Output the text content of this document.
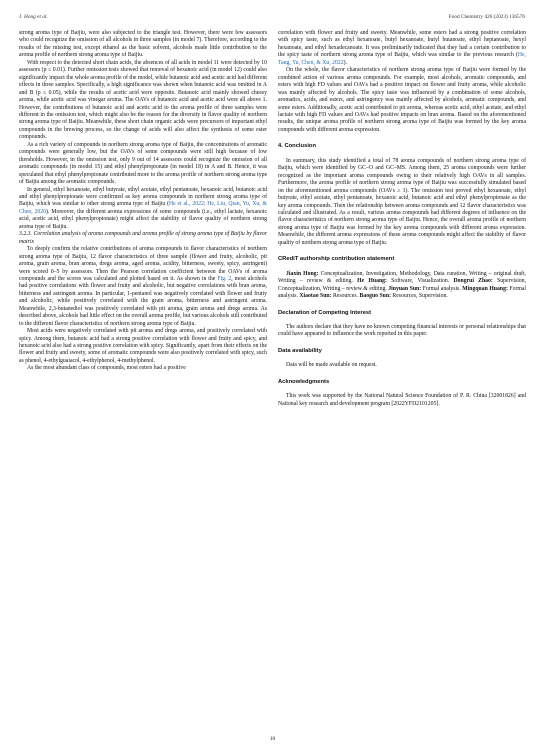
J. Hong et al.	Food Chemistry 426 (2023) 136576

strong aroma type of Baijiu, were also subjected to the triangle test. However, there were few assessors who could recognize the omission of all alcohols in three samples (in model 7). Therefore, according to the results of the missing test, except ethanol as the basic solvent, alcohols made little contribution to the aroma profile of northern strong aroma type of Baijiu.

With respect to the detected short chain acids, the absences of all acids in model 11 were detected by 10 assessors (p ≤ 0.01). Further omission tests showed that removal of hexanoic acid (in model 12) could also significantly impact the whole aroma profile of the model, while butanoic acid and acetic acid had different effects in three samples. Specifically, a high significance was shown when butanoic acid was omitted in A and B (p ≤ 0.05), while the results of acetic acid were opposite. Butanoic acid mainly showed cheesy aroma, while acetic acid was vinegar aroma. The OAVs of butanoic acid and acetic acid were all above 1. However, the contributions of butanoic acid and acetic acid to the aroma profile of three samples were different in the omission test, which might also be the reason for the diversity in flavor quality of northern strong aroma type of Baijiu. Meanwhile, these short chain organic acids were precursors of important ethyl compounds in the brewing process, so the change of acids will also affect the synthesis of some ester compounds.

As a rich variety of compounds in northern strong aroma type of Baijiu, the concentrations of aromatic compounds were generally low, but the OAVs of some compounds were still high because of low thresholds. However, in the omission test, only 9 out of 14 assessors could recognize the omission of all aromatic compounds (in model 15) and ethyl phenylpropionate (in model 18) in A and B. Hence, it was speculated that ethyl phenylpropionate contributed more to the aroma profile of northern strong aroma type of Baijiu among the aromatic compounds.

In general, ethyl hexanoate, ethyl butyrate, ethyl acetate, ethyl pentanoate, hexanoic acid, butanoic acid and ethyl phenylpropionate were confirmed as key aroma compounds in northern strong aroma type of Baijiu, which was similar to other strong aroma type of Baijiu (He et al., 2022; He, Liu, Qian, Yu, Xu, & Chen, 2020). Moreover, the different aroma expressions of some compounds (i.e., ethyl lactate, hexanoic acid, acetic acid, ethyl phenylpropionate) might affect the stability of flavor quality of northern strong aroma type of Baijiu.

3.2.3. Correlation analysis of aroma compounds and aroma profile of strong aroma type of Baijiu by flavor matrix

To deeply confirm the relative contributions of aroma compounds to flavor characteristics of northern strong aroma type of Baijiu, 12 flavor characteristics of three sample (flower and fruity, alcoholic, pit aroma, grain aroma, bran aroma, dregs aroma, aged aroma, acidity, bitterness, sweety, spicy, astringent) were scored 0–5 by assessors. Then the Pearson correlation coefficient between the OAVs of aroma compounds and the scores was calculated and plotted based on it. As shown in the Fig. 2, most alcohols had positive correlations with flower and fruity and alcoholic, but negative correlations with bran aroma, bitterness and astringent aroma. In particular, 1-pentanol was negatively correlated with flower and fruity and alcoholic, while positively correlated with the grain aroma, bitterness and astringent aroma. Meanwhile, 2,3-butanediol was positively correlated with pit aroma, grain aroma and dregs aroma. As described above, alcohols had little effect on the overall aroma profile, but various alcohols still contributed to the different flavor characteristics of northern strong aroma type of Baijiu.

Most acids were negatively correlated with pit aroma and dregs aroma, and positively correlated with spicy. Among them, butanoic acid had a strong positive correlation with flower and fruity and spicy, and hexanoic acid also had a strong positive correlation with spicy. Significantly, apart from their effects on the flower and fruity and sweety, some of aromatic compounds were also positively correlated with spicy, such as phenol, 4-ethylguaiacol, 4-ethylphenol, 4-methylphenol.

As the most abundant class of compounds, most esters had a positive

correlation with flower and fruity and sweety. Meanwhile, some esters had a strong positive correlation with spicy taste, such as ethyl hexanoate, butyl hexanoate, butyl butanoate, ethyl heptanoate, hexyl hexanoate, and ethyl hexadecanoate. It was preliminarily indicated that they had a certain contribution to the spicy taste of northern strong aroma type of Baijiu, which was similar to the previous research (He, Tang, Yu, Chen, & Xu, 2022).

On the whole, the flavor characteristics of northern strong aroma type of Baijiu were formed by the combined action of various aroma compounds. For example, most alcohols, aromatic compounds, and esters with high FD values and OAVs had a positive impact on flower and fruity aroma, while alcoholic was mainly affected by alcohols. The spicy taste was influenced by a combination of some alcohols, aromatics, acids, and esters, and astringency was mainly affected by alcohols, aromatic compounds, and some esters. Additionally, acetic acid contributed to pit aroma, whereas acetic acid, ethyl acetate, and ethyl lactate with high FD values and OAVs had positive impacts on bran aroma. Based on the aforementioned results, the unique aroma profile of northern strong aroma type of Baijiu was formed by the key aroma compounds with different aroma expression.

4. Conclusion

In summary, this study identified a total of 78 aroma compounds of northern strong aroma type of Baijiu, which were identified by GC–O and GC–MS. Among them, 25 aroma compounds were further recognized as the important aroma compounds owing to their relatively high OAVs in all samples. Furthermore, the aroma profile of northern strong aroma type of Baijiu was successfully simulated based on the aforementioned aroma compounds (OAVs ≥ 1). The omission test proved ethyl hexanoate, ethyl butyrate, ethyl acetate, ethyl pentanoate, hexanoic acid, butanoic acid and ethyl phenylpropionate as the key aroma compounds. Then the relationship between aroma compounds and 12 flavor characteristics was calculated and illustrated. As a result, various aroma compounds had different degrees of influence on the flavor characteristics of northern strong aroma type of Baijiu. Hence, the overall aroma profile of northern strong aroma type of Baijiu was formed by the key aroma compounds with different aroma expression. Meanwhile, the different aroma expressions of these aroma compounds might affect the stability of flavor quality of northern strong aroma type of Baijiu.

CRediT authorship contribution statement

Jiaxin Hong: Conceptualization, Investigation, Methodology, Data curation, Writing – original draft, Writing – review & editing. He Huang: Software, Visualization. Dongrui Zhao: Supervision, Conceptualization, Writing – review & editing. Jinyuan Sun: Formal analysis. Mingquan Huang: Formal analysis. Xiaotao Sun: Resources. Baoguo Sun: Resources, Supervision.

Declaration of Competing Interest

The authors declare that they have no known competing financial interests or personal relationships that could have appeared to influence the work reported in this paper.

Data availability

Data will be made available on request.

Acknowledgments

This work was supported by the National Natural Science Foundation of P. R. China [32001826] and National key research and development program [2022YFD2101205].

10
